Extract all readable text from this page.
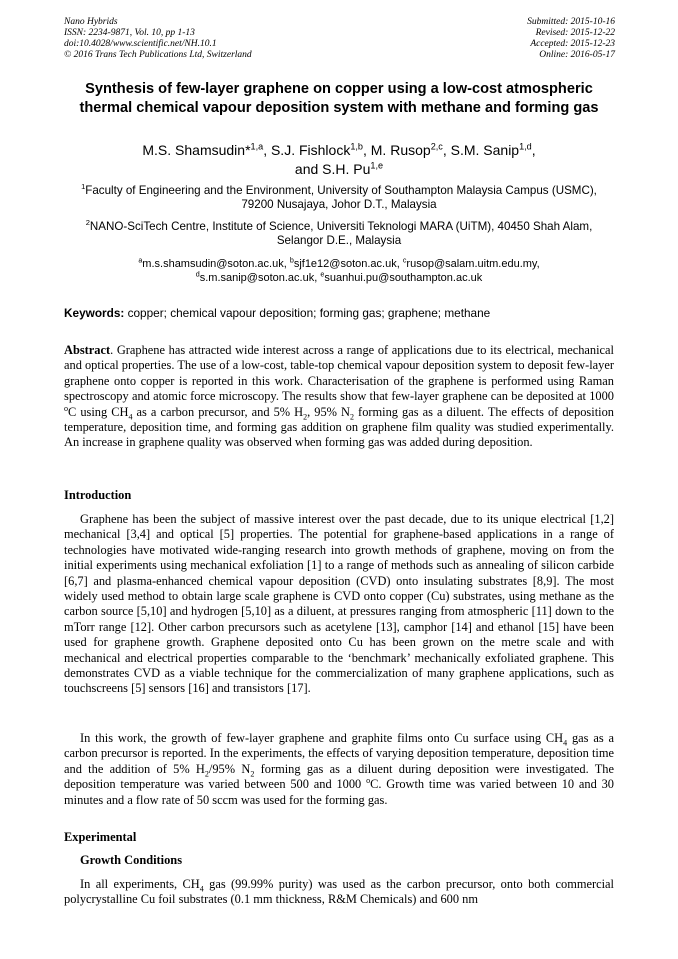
Nano Hybrids
ISSN: 2234-9871, Vol. 10, pp 1-13
doi:10.4028/www.scientific.net/NH.10.1
© 2016 Trans Tech Publications Ltd, Switzerland
Submitted: 2015-10-16
Revised: 2015-12-22
Accepted: 2015-12-23
Online: 2016-05-17
Synthesis of few-layer graphene on copper using a low-cost atmospheric thermal chemical vapour deposition system with methane and forming gas
M.S. Shamsudin*$^{1,a}$, S.J. Fishlock$^{1,b}$, M. Rusop$^{2,c}$, S.M. Sanip$^{1,d}$,
and S.H. Pu$^{1,e}$
$^1$Faculty of Engineering and the Environment, University of Southampton Malaysia Campus (USMC), 79200 Nusajaya, Johor D.T., Malaysia
$^2$NANO-SciTech Centre, Institute of Science, Universiti Teknologi MARA (UiTM), 40450 Shah Alam, Selangor D.E., Malaysia
$^a$m.s.shamsudin@soton.ac.uk, $^b$sjf1e12@soton.ac.uk, $^c$rusop@salam.uitm.edu.my,
$^d$s.m.sanip@soton.ac.uk, $^e$suanhui.pu@southampton.ac.uk
Keywords: copper; chemical vapour deposition; forming gas; graphene; methane
Abstract. Graphene has attracted wide interest across a range of applications due to its electrical, mechanical and optical properties. The use of a low-cost, table-top chemical vapour deposition system to deposit few-layer graphene onto copper is reported in this work. Characterisation of the graphene is performed using Raman spectroscopy and atomic force microscopy. The results show that few-layer graphene can be deposited at 1000 $^o$C using $CH_4$ as a carbon precursor, and 5% $H_2$, 95% $N_2$ forming gas as a diluent. The effects of deposition temperature, deposition time, and forming gas addition on graphene film quality was studied experimentally. An increase in graphene quality was observed when forming gas was added during deposition.
Introduction
Graphene has been the subject of massive interest over the past decade, due to its unique electrical [1,2] mechanical [3,4] and optical [5] properties. The potential for graphene-based applications in a range of technologies have motivated wide-ranging research into growth methods of graphene, moving on from the initial experiments using mechanical exfoliation [1] to a range of methods such as annealing of silicon carbide [6,7] and plasma-enhanced chemical vapour deposition (CVD) onto insulating substrates [8,9]. The most widely used method to obtain large scale graphene is CVD onto copper (Cu) substrates, using methane as the carbon source [5,10] and hydrogen [5,10] as a diluent, at pressures ranging from atmospheric [11] down to the mTorr range [12]. Other carbon precursors such as acetylene [13], camphor [14] and ethanol [15] have been used for graphene growth. Graphene deposited onto Cu has been grown on the metre scale and with mechanical and electrical properties comparable to the ‘benchmark’ mechanically exfoliated graphene. This demonstrates CVD as a viable technique for the commercialization of many graphene applications, such as touchscreens [5] sensors [16] and transistors [17].
In this work, the growth of few-layer graphene and graphite films onto Cu surface using $CH_4$ gas as a carbon precursor is reported. In the experiments, the effects of varying deposition temperature, deposition time and the addition of 5% $H_2/95\%$ $N_2$ forming gas as a diluent during deposition were investigated. The deposition temperature was varied between 500 and 1000 $^o$C. Growth time was varied between 10 and 30 minutes and a flow rate of 50 sccm was used for the forming gas.
Experimental
Growth Conditions
In all experiments, $CH_4$ gas (99.99% purity) was used as the carbon precursor, onto both commercial polycrystalline Cu foil substrates (0.1 mm thickness, R&M Chemicals) and 600 nm
